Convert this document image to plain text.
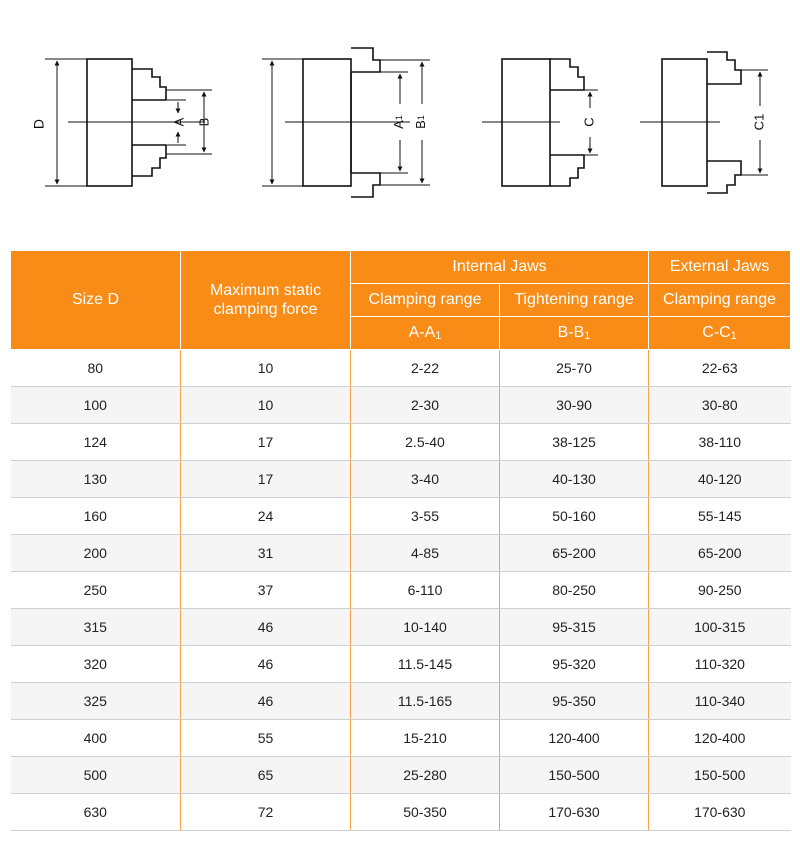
D	A B	A1
B1	C	C1
Size D	Maximum static clamping force	Internal Jaws		External Jaws
		Clamping range	Tightening range	Clamping range
		A-A1	B-B1	C-C1
80	10	2-22	25-70	22-63
100	10	2-30	30-90	30-80
124	17	2.5-40	38-125	38-110
130	17	3-40	40-130	40-120
160	24	3-55	50-160	55-145
200	31	4-85	65-200	65-200
250	37	6-110	80-250	90-250
315	46	10-140	95-315	100-315
320	46	11.5-145	95-320	110-320
325	46	11.5-165	95-350	110-340
400	55	15-210	120-400	120-400
500	65	25-280	150-500	150-500
630	72	50-350	170-630	170-630
